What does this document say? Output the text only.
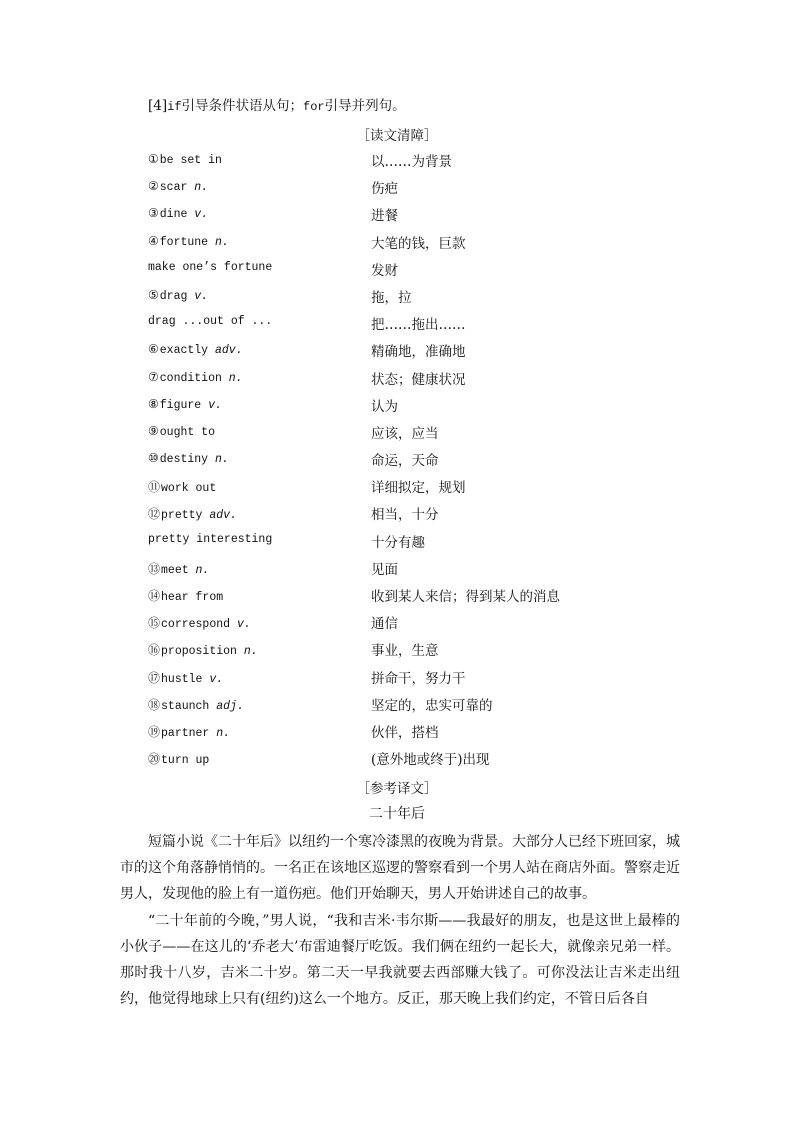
[4]if引导条件状语从句；for引导并列句。
［读文清障］
①be set in	以……为背景
②scar n.	伤疤
③dine v.	进餐
④fortune n.	大笔的钱，巨款
make one’s fortune	发财
⑤drag v.	拖，拉
drag ...out of ...	把……拖出……
⑥exactly adv.	精确地，准确地
⑦condition n.	状态；健康状况
⑧figure v.	认为
⑨ought to	应该，应当
⑩destiny n.	命运，天命
⑪work out	详细拟定，规划
⑫pretty adv.	相当，十分
pretty interesting	十分有趣
⑬meet n.	见面
⑭hear from	收到某人来信；得到某人的消息
⑮correspond v.	通信
⑯proposition n.	事业，生意
⑰hustle v.	拼命干，努力干
⑱staunch adj.	坚定的，忠实可靠的
⑲partner n.	伙伴，搭档
⑳turn up	(意外地或终于)出现
［参考译文］
二十年后
短篇小说《二十年后》以纽约一个寒冷漆黑的夜晚为背景。大部分人已经下班回家，城市的这个角落静悄悄的。一名正在该地区巡逻的警察看到一个男人站在商店外面。警察走近男人，发现他的脸上有一道伤疤。他们开始聊天，男人开始讲述自己的故事。
“二十年前的今晚，”男人说，“我和吉米·韦尔斯——我最好的朋友，也是这世上最棒的小伙子——在这儿的‘乔老大’布雷迪餐厅吃饭。我们俩在纽约一起长大，就像亲兄弟一样。那时我十八岁，吉米二十岁。第二天一早我就要去西部赚大钱了。可你没法让吉米走出纽约，他觉得地球上只有(纽约)这么一个地方。反正，那天晚上我们约定，不管日后各自
